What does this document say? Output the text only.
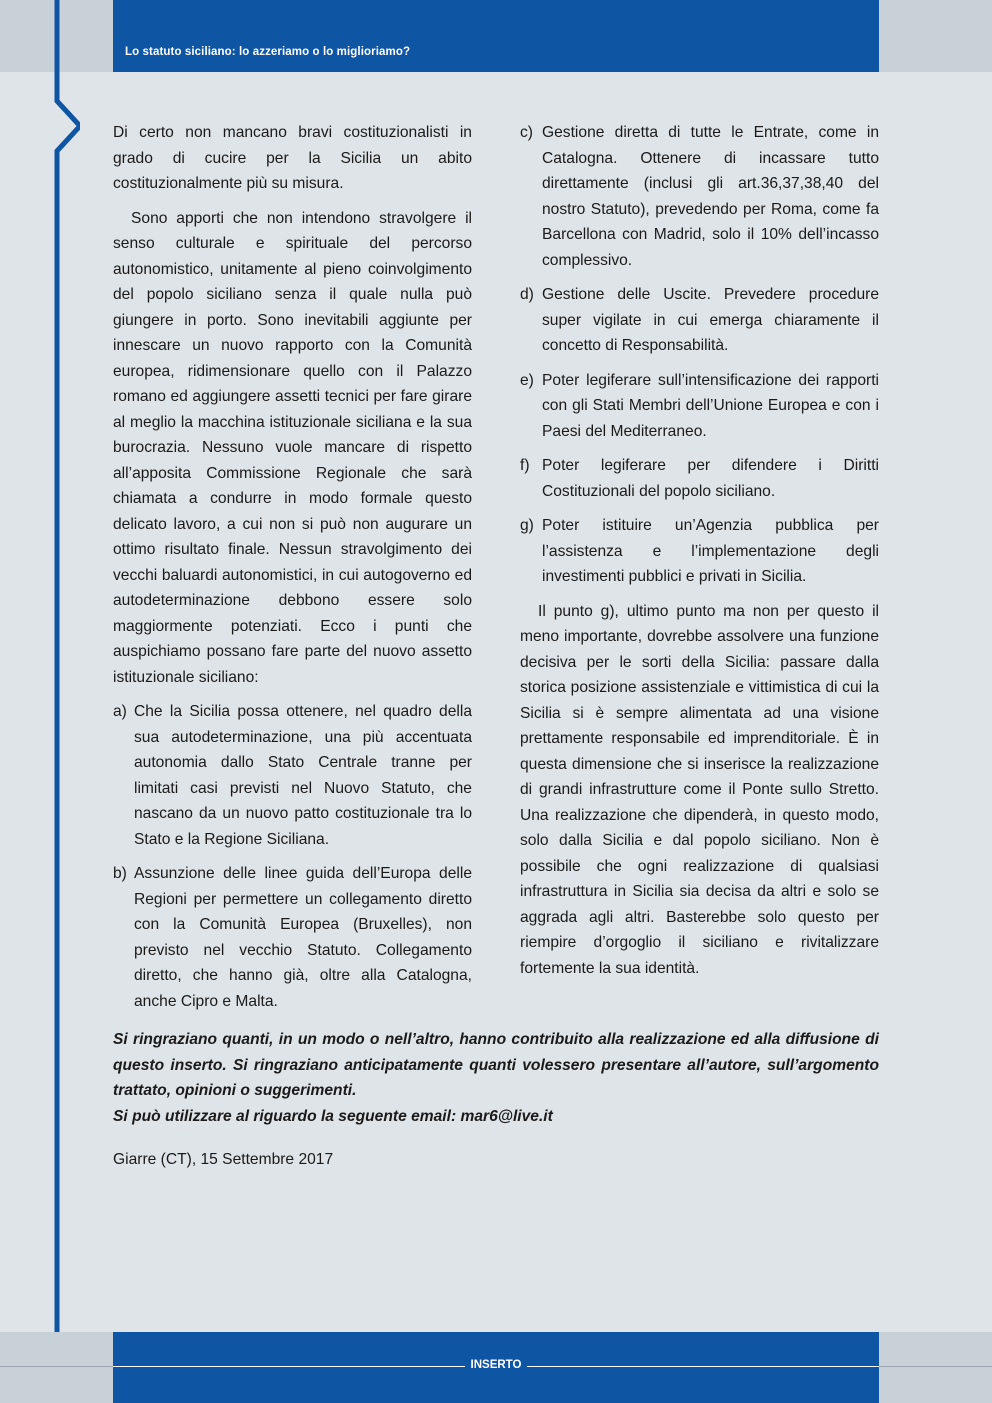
Lo statuto siciliano: lo azzeriamo o lo miglioriamo?

Di certo non mancano bravi costituzionalisti in grado di cucire per la Sicilia un abito costituzionalmente più su misura.

Sono apporti che non intendono stravolgere il senso culturale e spirituale del percorso autonomistico, unitamente al pieno coinvolgimento del popolo siciliano senza il quale nulla può giungere in porto. Sono inevitabili aggiunte per innescare un nuovo rapporto con la Comunità europea, ridimensionare quello con il Palazzo romano ed aggiungere assetti tecnici per fare girare al meglio la macchina istituzionale siciliana e la sua burocrazia. Nessuno vuole mancare di rispetto all’apposita Commissione Regionale che sarà chiamata a condurre in modo formale questo delicato lavoro, a cui non si può non augurare un ottimo risultato finale. Nessun stravolgimento dei vecchi baluardi autonomistici, in cui autogoverno ed autodeterminazione debbono essere solo maggiormente potenziati. Ecco i punti che auspichiamo possano fare parte del nuovo assetto istituzionale siciliano:

a) Che la Sicilia possa ottenere, nel quadro della sua autodeterminazione, una più accentuata autonomia dallo Stato Centrale tranne per limitati casi previsti nel Nuovo Statuto, che nascano da un nuovo patto costituzionale tra lo Stato e la Regione Siciliana.
b) Assunzione delle linee guida dell’Europa delle Regioni per permettere un collegamento diretto con la Comunità Europea (Bruxelles), non previsto nel vecchio Statuto. Collegamento diretto, che hanno già, oltre alla Catalogna, anche Cipro e Malta.
c) Gestione diretta di tutte le Entrate, come in Catalogna. Ottenere di incassare tutto direttamente (inclusi gli art.36,37,38,40 del nostro Statuto), prevedendo per Roma, come fa Barcellona con Madrid, solo il 10% dell’incasso complessivo.
d) Gestione delle Uscite. Prevedere procedure super vigilate in cui emerga chiaramente il concetto di Responsabilità.
e) Poter legiferare sull’intensificazione dei rapporti con gli Stati Membri dell’Unione Europea e con i Paesi del Mediterraneo.
f) Poter legiferare per difendere i Diritti Costituzionali del popolo siciliano.
g) Poter istituire un’Agenzia pubblica per l’assistenza e l’implementazione degli investimenti pubblici e privati in Sicilia.

Il punto g), ultimo punto ma non per questo il meno importante, dovrebbe assolvere una funzione decisiva per le sorti della Sicilia: passare dalla storica posizione assistenziale e vittimistica di cui la Sicilia si è sempre alimentata ad una visione prettamente responsabile ed imprenditoriale. È in questa dimensione che si inserisce la realizzazione di grandi infrastrutture come il Ponte sullo Stretto. Una realizzazione che dipenderà, in questo modo, solo dalla Sicilia e dal popolo siciliano. Non è possibile che ogni realizzazione di qualsiasi infrastruttura in Sicilia sia decisa da altri e solo se aggrada agli altri. Basterebbe solo questo per riempire d’orgoglio il siciliano e rivitalizzare fortemente la sua identità.

Si ringraziano quanti, in un modo o nell’altro, hanno contribuito alla realizzazione ed alla diffusione di questo inserto. Si ringraziano anticipatamente quanti volessero presentare all’autore, sull’argomento trattato, opinioni o suggerimenti.
Si può utilizzare al riguardo la seguente email: mar6@live.it
Giarre (CT), 15 Settembre 2017
INSERTO
